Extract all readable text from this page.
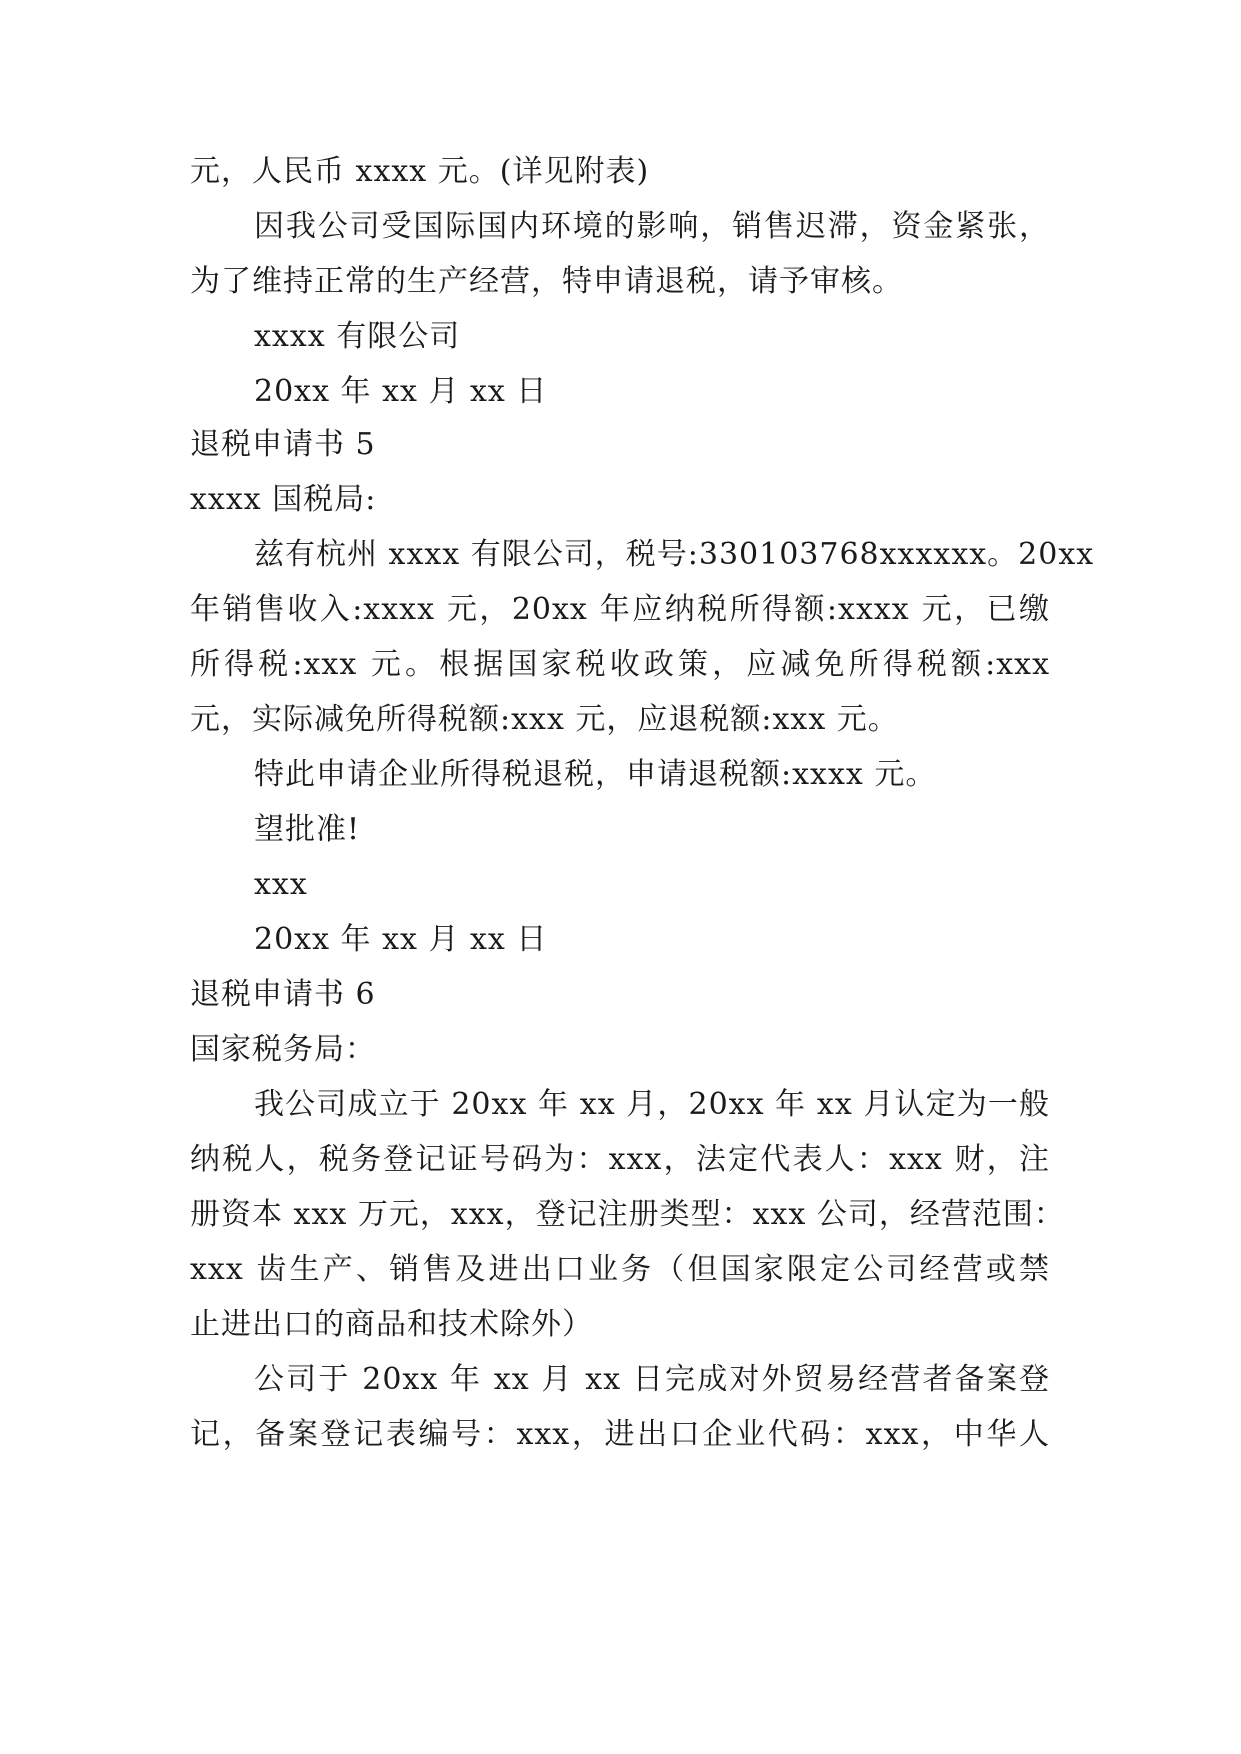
元，人民币 xxxx 元。(详见附表)
因我公司受国际国内环境的影响，销售迟滞，资金紧张，
为了维持正常的生产经营，特申请退税，请予审核。
xxxx 有限公司
20xx 年 xx 月 xx 日
退税申请书 5
xxxx 国税局:
兹有杭州 xxxx 有限公司，税号:330103768xxxxxx。20xx
年销售收入:xxxx 元，20xx 年应纳税所得额:xxxx 元，已缴
所得税:xxx 元。根据国家税收政策，应减免所得税额:xxx
元，实际减免所得税额:xxx 元，应退税额:xxx 元。
特此申请企业所得税退税，申请退税额:xxxx 元。
望批准!
xxx
20xx 年 xx 月 xx 日
退税申请书 6
国家税务局：
我公司成立于 20xx 年 xx 月，20xx 年 xx 月认定为一般
纳税人，税务登记证号码为：xxx，法定代表人：xxx 财，注
册资本 xxx 万元，xxx，登记注册类型：xxx 公司，经营范围：
xxx 齿生产、销售及进出口业务（但国家限定公司经营或禁
止进出口的商品和技术除外）
公司于 20xx 年 xx 月 xx 日完成对外贸易经营者备案登
记，备案登记表编号：xxx，进出口企业代码：xxx，中华人
